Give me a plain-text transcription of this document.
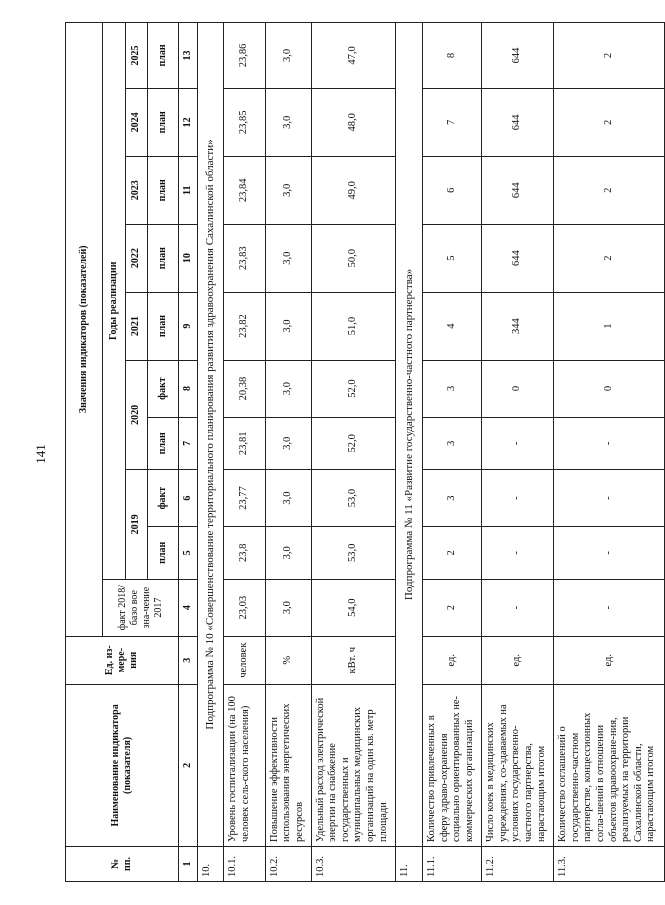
141
№ пп.	Наименование индикатора (показателя)	Ед. из-мере-ния	Значения индикаторов (показателей)									
			факт 2018/базо вое зна-чение 2017	Годы реализации								
				2019		2020		2021	2022	2023	2024	2025
				план	факт	план	факт	план	план	план	план	план
1	2	3	4	5	6	7	8	9	10	11	12	13
10.	Подпрограмма № 10 «Совершенствование территориального планирования развития здравоохранения Сахалинской области»											
10.1.	Уровень госпитализации (на 100 человек сель-ского населения)	человек	23,03	23,8	23,77	23,81	20,38	23,82	23,83	23,84	23,85	23,86
10.2.	Повышение эффективности использования энергетических ресурсов	%	3,0	3,0	3,0	3,0	3,0	3,0	3,0	3,0	3,0	3,0
10.3.	Удельный расход электрической энергии на снабжение государственных и муниципальных медицинских организаций на один кв. метр площади	кВт. ч	54,0	53,0	53,0	52,0	52,0	51,0	50,0	49,0	48,0	47,0
11.	Подпрограмма № 11 «Развитие государственно-частного партнерства»											
11.1.	Количество привлеченных в сферу здраво-охранения социально ориентированных не-коммерческих организаций	ед.	2	2	3	3	3	4	5	6	7	8
11.2.	Число коек в медицинских учреждениях, со-здаваемых на условиях государственно-частного партнерства, нарастающим итогом	ед.	-	-	-	-	0	344	644	644	644	644
11.3.	Количество соглашений о государственно-частном партнерстве, концессионных согла-шений в отношении объектов здравоохране-ния, реализуемых на территории Сахалинской области, нарастающим итогом	ед.	-	-	-	-	0	1	2	2	2	2
